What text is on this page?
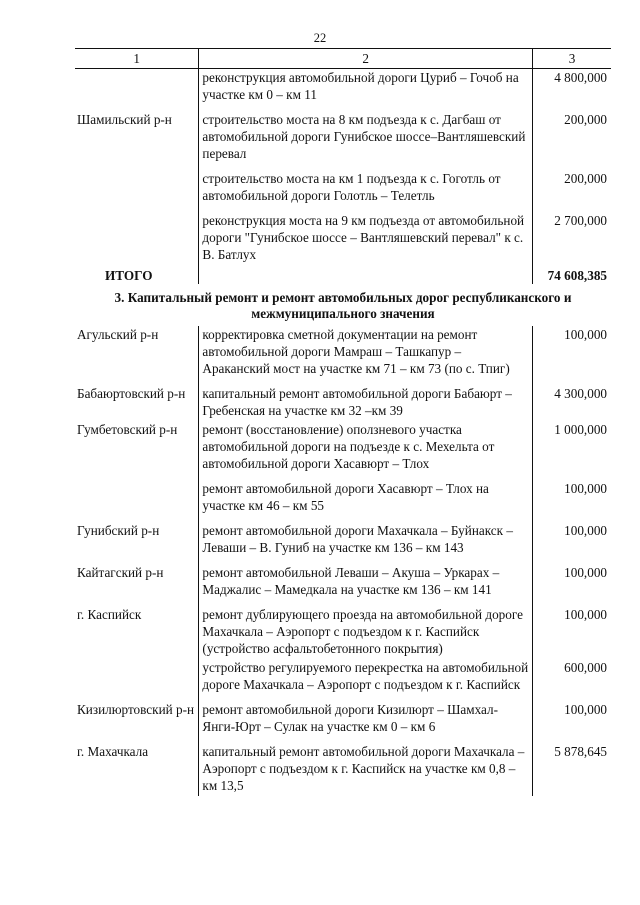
22
1	2	3
	реконструкция автомобильной дороги Цуриб – Гочоб на участке км 0 – км 11	4 800,000
Шамильский р-н	строительство моста на 8 км подъезда к с. Дагбаш от автомобильной дороги Гунибское шоссе–Вантляшевский перевал	200,000
	строительство моста на км 1 подъезда к с. Гоготль от автомобильной дороги Голотль – Телетль	200,000
	реконструкция моста на 9 км подъезда от автомобильной дороги "Гунибское шоссе – Вантляшевский перевал" к с. В. Батлух	2 700,000
ИТОГО		74 608,385
3. Капитальный ремонт и ремонт автомобильных дорог республиканского и межмуниципального значения		
Агульский р-н	корректировка сметной документации на ремонт автомобильной дороги Мамраш – Ташкапур – Араканский мост на участке км 71 – км 73 (по с. Тпиг)	100,000
Бабаюртовский р-н	капитальный ремонт автомобильной дороги Бабаюрт – Гребенская на участке км 32 –км 39	4 300,000
Гумбетовский р-н	ремонт (восстановление) оползневого участка автомобильной дороги на подъезде к с. Мехельта от автомобильной дороги Хасавюрт – Тлох	1 000,000
	ремонт автомобильной дороги Хасавюрт – Тлох на участке км 46 – км 55	100,000
Гунибский р-н	ремонт автомобильной дороги Махачкала – Буйнакск – Леваши – В. Гуниб на участке км 136 – км 143	100,000
Кайтагский р-н	ремонт автомобильной Леваши – Акуша – Уркарах – Маджалис – Мамедкала на участке км 136 – км 141	100,000
г. Каспийск	ремонт дублирующего проезда на автомобильной дороге Махачкала – Аэропорт с подъездом к г. Каспийск (устройство асфальтобетонного покрытия)	100,000
	устройство регулируемого перекрестка на автомобильной дороге Махачкала – Аэропорт с подъездом к г. Каспийск	600,000
Кизилюртовский р-н	ремонт автомобильной дороги Кизилюрт – Шамхал-Янги-Юрт – Сулак на участке км 0 – км 6	100,000
г. Махачкала	капитальный ремонт автомобильной дороги Махачкала – Аэропорт с подъездом к г. Каспийск на участке км 0,8 – км 13,5	5 878,645
